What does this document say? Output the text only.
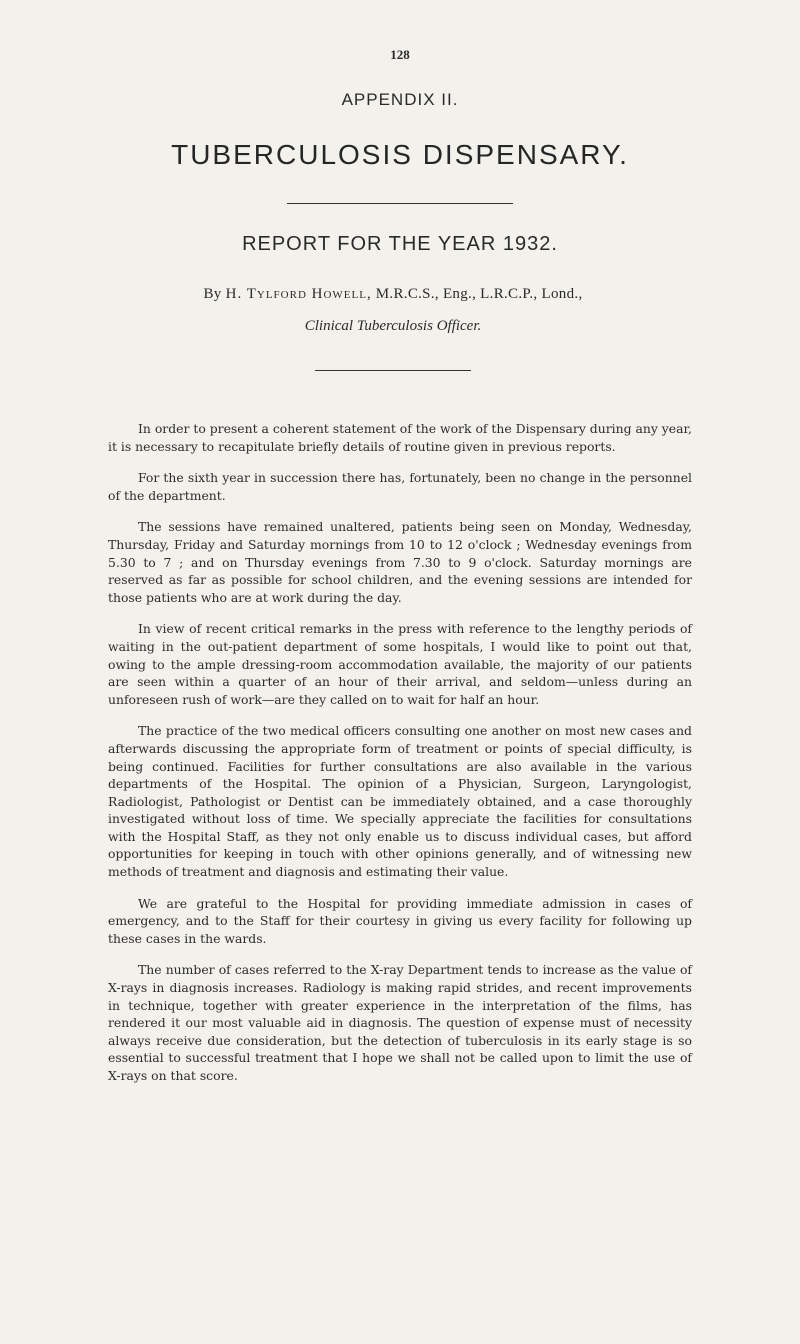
128
APPENDIX II.
TUBERCULOSIS DISPENSARY.
REPORT FOR THE YEAR 1932.
By H. Tylford Howell, M.R.C.S., Eng., L.R.C.P., Lond.,
Clinical Tuberculosis Officer.

In order to present a coherent statement of the work of the Dispensary during any year, it is necessary to recapitulate briefly details of routine given in previous reports.

For the sixth year in succession there has, fortunately, been no change in the personnel of the department.

The sessions have remained unaltered, patients being seen on Monday, Wednesday, Thursday, Friday and Saturday mornings from 10 to 12 o'clock ; Wednesday evenings from 5.30 to 7 ; and on Thursday evenings from 7.30 to 9 o'clock. Saturday mornings are reserved as far as possible for school children, and the evening sessions are intended for those patients who are at work during the day.

In view of recent critical remarks in the press with reference to the lengthy periods of waiting in the out-patient department of some hospitals, I would like to point out that, owing to the ample dressing-room accommodation available, the majority of our patients are seen within a quarter of an hour of their arrival, and seldom—unless during an unforeseen rush of work—are they called on to wait for half an hour.

The practice of the two medical officers consulting one another on most new cases and afterwards discussing the appropriate form of treatment or points of special difficulty, is being continued. Facilities for further consultations are also available in the various departments of the Hospital. The opinion of a Physician, Surgeon, Laryngologist, Radiologist, Pathologist or Dentist can be immediately obtained, and a case thoroughly investigated without loss of time. We specially appreciate the facilities for consultations with the Hospital Staff, as they not only enable us to discuss individual cases, but afford opportunities for keeping in touch with other opinions generally, and of witnessing new methods of treatment and diagnosis and estimating their value.

We are grateful to the Hospital for providing immediate admission in cases of emergency, and to the Staff for their courtesy in giving us every facility for following up these cases in the wards.

The number of cases referred to the X-ray Department tends to increase as the value of X-rays in diagnosis increases. Radiology is making rapid strides, and recent improvements in technique, together with greater experience in the interpretation of the films, has rendered it our most valuable aid in diagnosis. The question of expense must of necessity always receive due consideration, but the detection of tuberculosis in its early stage is so essential to successful treatment that I hope we shall not be called upon to limit the use of X-rays on that score.
